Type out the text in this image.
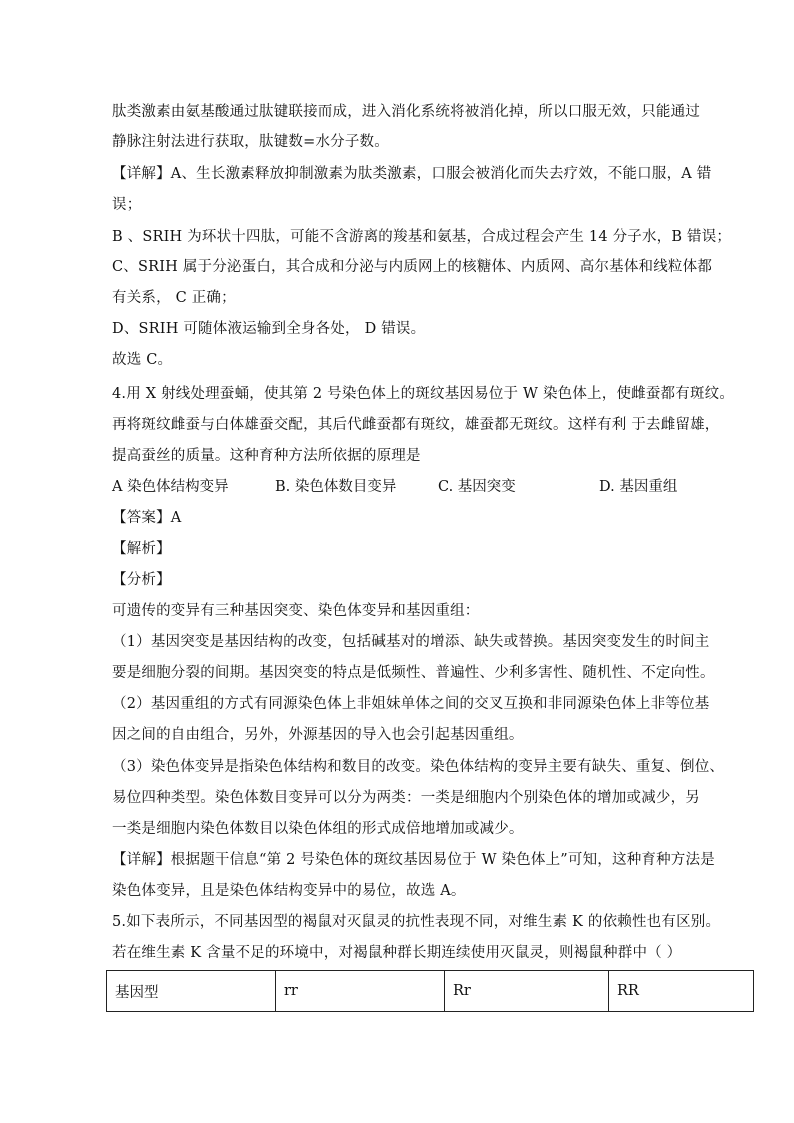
肽类激素由氨基酸通过肽键联接而成，进入消化系统将被消化掉，所以口服无效，只能通过

静脉注射法进行获取，肽键数=水分子数。

【详解】A、生长激素释放抑制激素为肽类激素，口服会被消化而失去疗效，不能口服，A 错

误；

B 、SRIH 为环状十四肽，可能不含游离的羧基和氨基，合成过程会产生 14 分子水，B 错误；

C、SRIH 属于分泌蛋白，其合成和分泌与内质网上的核糖体、内质网、高尔基体和线粒体都

有关系， C 正确；

D、SRIH 可随体液运输到全身各处， D 错误。

故选 C。

4.用 X 射线处理蚕蛹，使其第 2 号染色体上的斑纹基因易位于 W 染色体上，使雌蚕都有斑纹。

再将斑纹雌蚕与白体雄蚕交配，其后代雌蚕都有斑纹，雄蚕都无斑纹。这样有利 于去雌留雄，

提高蚕丝的质量。这种育种方法所依据的原理是

A 染色体结构变异	B. 染色体数目变异	C. 基因突变	D. 基因重组

【答案】A

【解析】

【分析】

可遗传的变异有三种基因突变、染色体变异和基因重组：

（1）基因突变是基因结构的改变，包括碱基对的增添、缺失或替换。基因突变发生的时间主

要是细胞分裂的间期。基因突变的特点是低频性、普遍性、少利多害性、随机性、不定向性。

（2）基因重组的方式有同源染色体上非姐妹单体之间的交叉互换和非同源染色体上非等位基

因之间的自由组合，另外，外源基因的导入也会引起基因重组。

（3）染色体变异是指染色体结构和数目的改变。染色体结构的变异主要有缺失、重复、倒位、

易位四种类型。染色体数目变异可以分为两类：一类是细胞内个别染色体的增加或减少，另

一类是细胞内染色体数目以染色体组的形式成倍地增加或减少。

【详解】根据题干信息“第 2 号染色体的斑纹基因易位于 W 染色体上”可知，这种育种方法是

染色体变异，且是染色体结构变异中的易位，故选 A。

5.如下表所示，不同基因型的褐鼠对灭鼠灵的抗性表现不同，对维生素 K 的依赖性也有区别。

若在维生素 K 含量不足的环境中，对褐鼠种群长期连续使用灭鼠灵，则褐鼠种群中（ ）

基因型	rr	Rr	RR
